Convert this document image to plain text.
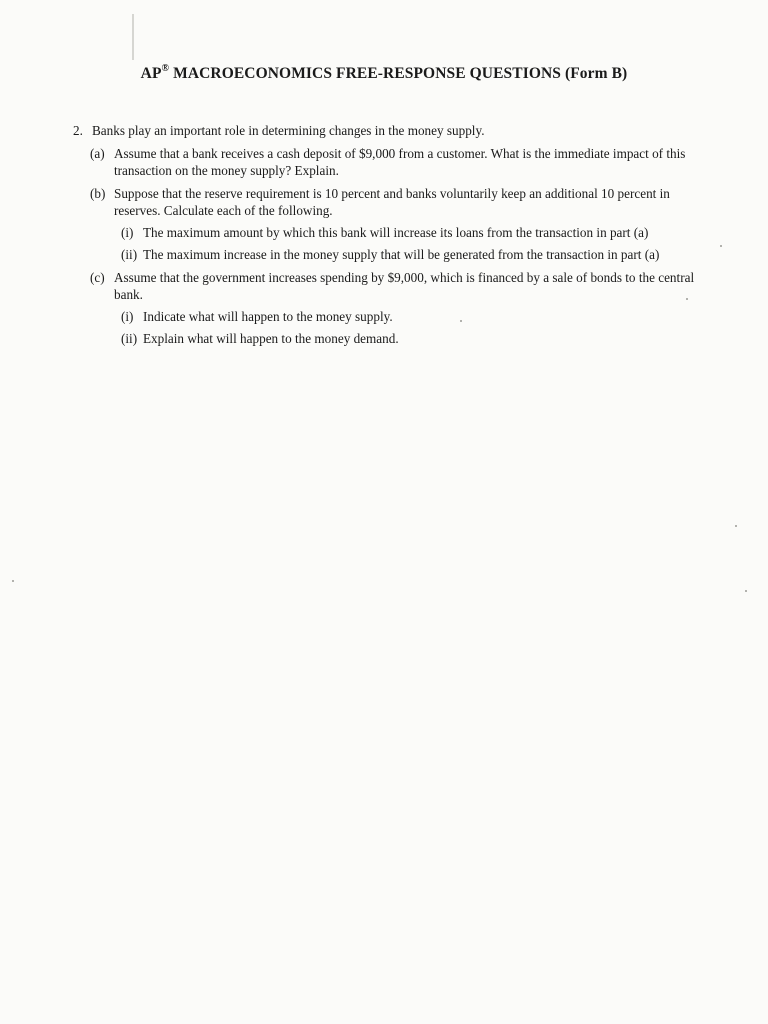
AP® MACROECONOMICS FREE-RESPONSE QUESTIONS (Form B)
2. Banks play an important role in determining changes in the money supply.
(a) Assume that a bank receives a cash deposit of $9,000 from a customer. What is the immediate impact of this transaction on the money supply? Explain.
(b) Suppose that the reserve requirement is 10 percent and banks voluntarily keep an additional 10 percent in reserves. Calculate each of the following.
(i) The maximum amount by which this bank will increase its loans from the transaction in part (a)
(ii) The maximum increase in the money supply that will be generated from the transaction in part (a)
(c) Assume that the government increases spending by $9,000, which is financed by a sale of bonds to the central bank.
(i) Indicate what will happen to the money supply.
(ii) Explain what will happen to the money demand.
